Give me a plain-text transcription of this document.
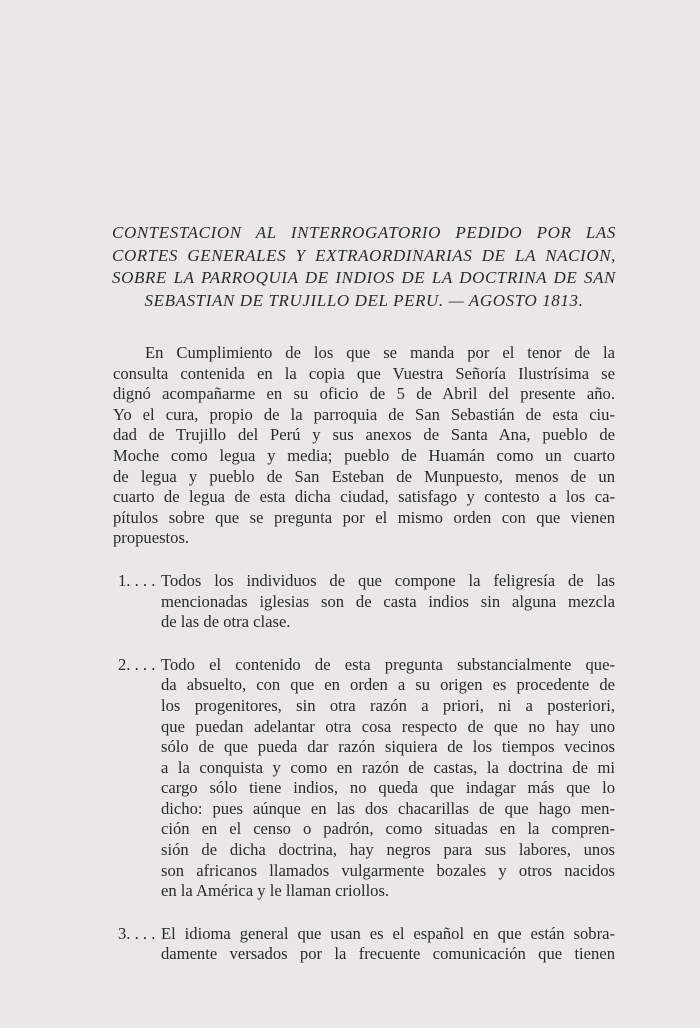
CONTESTACION AL INTERROGATORIO PEDIDO POR LAS
CORTES GENERALES Y EXTRAORDINARIAS DE LA NACION,
SOBRE LA PARROQUIA DE INDIOS DE LA DOCTRINA DE SAN
SEBASTIAN DE TRUJILLO DEL PERU. — AGOSTO 1813.
En Cumplimiento de los que se manda por el tenor de la
consulta contenida en la copia que Vuestra Señoría Ilustrísima se
dignó acompañarme en su oficio de 5 de Abril del presente año.
Yo el cura, propio de la parroquia de San Sebastián de esta ciu-
dad de Trujillo del Perú y sus anexos de Santa Ana, pueblo de
Moche como legua y media; pueblo de Huamán como un cuarto
de legua y pueblo de San Esteban de Munpuesto, menos de un
cuarto de legua de esta dicha ciudad, satisfago y contesto a los ca-
pítulos sobre que se pregunta por el mismo orden con que vienen
propuestos.
1. . . . Todos los individuos de que compone la feligresía de las
mencionadas iglesias son de casta indios sin alguna mezcla
de las de otra clase.
2. . . . Todo el contenido de esta pregunta substancialmente que-
da absuelto, con que en orden a su origen es procedente de
los progenitores, sin otra razón a priori, ni a posteriori,
que puedan adelantar otra cosa respecto de que no hay uno
sólo de que pueda dar razón siquiera de los tiempos vecinos
a la conquista y como en razón de castas, la doctrina de mi
cargo sólo tiene indios, no queda que indagar más que lo
dicho: pues aúnque en las dos chacarillas de que hago men-
ción en el censo o padrón, como situadas en la compren-
sión de dicha doctrina, hay negros para sus labores, unos
son africanos llamados vulgarmente bozales y otros nacidos
en la América y le llaman criollos.
3. . . . El idioma general que usan es el español en que están sobra-
damente versados por la frecuente comunicación que tienen
